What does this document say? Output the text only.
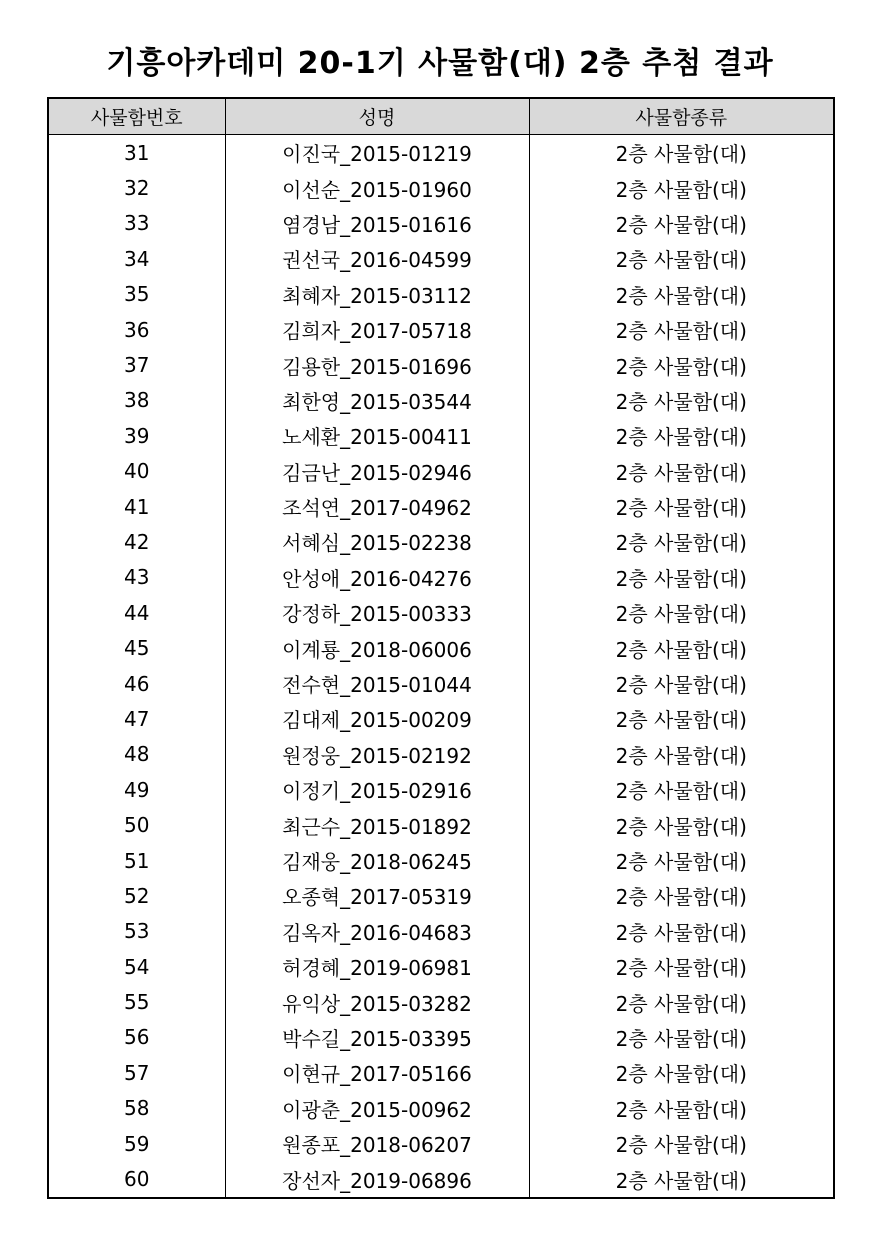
기흥아카데미 20-1기 사물함(대) 2층 추첨 결과
사물함번호	성명	사물함종류
31	이진국_2015-01219	2층 사물함(대)
32	이선순_2015-01960	2층 사물함(대)
33	염경남_2015-01616	2층 사물함(대)
34	권선국_2016-04599	2층 사물함(대)
35	최혜자_2015-03112	2층 사물함(대)
36	김희자_2017-05718	2층 사물함(대)
37	김용한_2015-01696	2층 사물함(대)
38	최한영_2015-03544	2층 사물함(대)
39	노세환_2015-00411	2층 사물함(대)
40	김금난_2015-02946	2층 사물함(대)
41	조석연_2017-04962	2층 사물함(대)
42	서혜심_2015-02238	2층 사물함(대)
43	안성애_2016-04276	2층 사물함(대)
44	강정하_2015-00333	2층 사물함(대)
45	이계룡_2018-06006	2층 사물함(대)
46	전수현_2015-01044	2층 사물함(대)
47	김대제_2015-00209	2층 사물함(대)
48	원정웅_2015-02192	2층 사물함(대)
49	이정기_2015-02916	2층 사물함(대)
50	최근수_2015-01892	2층 사물함(대)
51	김재웅_2018-06245	2층 사물함(대)
52	오종혁_2017-05319	2층 사물함(대)
53	김옥자_2016-04683	2층 사물함(대)
54	허경혜_2019-06981	2층 사물함(대)
55	유익상_2015-03282	2층 사물함(대)
56	박수길_2015-03395	2층 사물함(대)
57	이현규_2017-05166	2층 사물함(대)
58	이광춘_2015-00962	2층 사물함(대)
59	원종포_2018-06207	2층 사물함(대)
60	장선자_2019-06896	2층 사물함(대)
